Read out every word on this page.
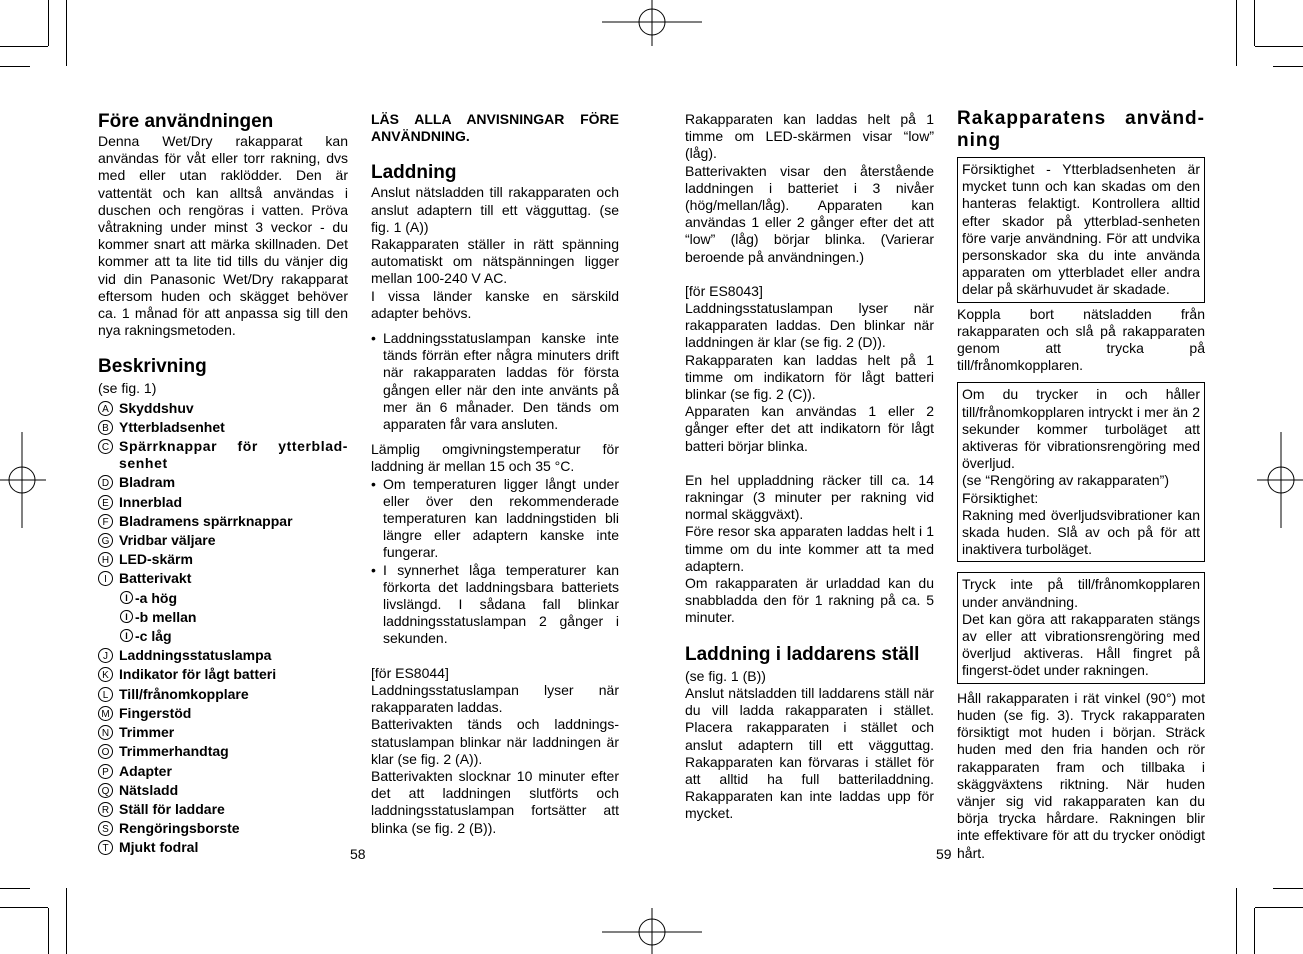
Före användningen

Denna Wet/Dry rakapparat kan användas för våt eller torr rakning, dvs med eller utan raklödder. Den är vattentät och kan alltså användas i duschen och rengöras i vatten. Pröva våtrakning under minst 3 veckor - du kommer snart att märka skillnaden. Det kommer att ta lite tid tills du vänjer dig vid din Panasonic Wet/Dry rakapparat eftersom huden och skägget behöver ca. 1 månad för att anpassa sig till den nya rakningsmetoden.

Beskrivning

(se fig. 1)

A Skyddshuv
B Ytterbladsenhet
C Spärrknappar för ytterblad-senhet
D Bladram
E Innerblad
F Bladramens spärrknappar
G Vridbar väljare
H LED-skärm
I Batterivakt
I -a hög
I -b mellan
I -c låg
J Laddningsstatuslampa
K Indikator för lågt batteri
L Till/frånomkopplare
M Fingerstöd
N Trimmer
O Trimmerhandtag
P Adapter
Q Nätsladd
R Ställ för laddare
S Rengöringsborste
T Mjukt fodral

LÄS ALLA ANVISNINGAR FÖRE ANVÄNDNING.

Laddning

Anslut nätsladden till rakapparaten och anslut adaptern till ett vägguttag. (se fig. 1 (A))

Rakapparaten ställer in rätt spänning automatiskt om nätspänningen ligger mellan 100-240 V AC.

I vissa länder kanske en särskild adapter behövs.

• Laddningsstatuslampan kanske inte tänds förrän efter några minuters drift när rakapparaten laddas för första gången eller när den inte använts på mer än 6 månader. Den tänds om apparaten får vara ansluten.

Lämplig omgivningstemperatur för laddning är mellan 15 och 35 °C.

• Om temperaturen ligger långt under eller över den rekommenderade temperaturen kan laddningstiden bli längre eller adaptern kanske inte fungerar.

• I synnerhet låga temperaturer kan förkorta det laddningsbara batteriets livslängd. I sådana fall blinkar laddningsstatuslampan 2 gånger i sekunden.

[för ES8044]

Laddningsstatuslampan lyser när rakapparaten laddas.

Batterivakten tänds och laddnings-statuslampan blinkar när laddningen är klar (se fig. 2 (A)).

Batterivakten slocknar 10 minuter efter det att laddningen slutförts och laddningsstatuslampan fortsätter att blinka (se fig. 2 (B)).

58

Rakapparaten kan laddas helt på 1 timme om LED-skärmen visar “low” (låg).

Batterivakten visar den återstående laddningen i batteriet i 3 nivåer (hög/mellan/låg). Apparaten kan användas 1 eller 2 gånger efter det att “low” (låg) börjar blinka. (Varierar beroende på användningen.)

[för ES8043]

Laddningsstatuslampan lyser när rakapparaten laddas. Den blinkar när laddningen är klar (se fig. 2 (D)).

Rakapparaten kan laddas helt på 1 timme om indikatorn för lågt batteri blinkar (se fig. 2 (C)).

Apparaten kan användas 1 eller 2 gånger efter det att indikatorn för lågt batteri börjar blinka.

En hel uppladdning räcker till ca. 14 rakningar (3 minuter per rakning vid normal skäggväxt).

Före resor ska apparaten laddas helt i 1 timme om du inte kommer att ta med adaptern.

Om rakapparaten är urladdad kan du snabbladda den för 1 rakning på ca. 5 minuter.

Laddning i laddarens ställ

(se fig. 1 (B))

Anslut nätsladden till laddarens ställ när du vill ladda rakapparaten i stället. Placera rakapparaten i stället och anslut adaptern till ett vägguttag. Rakapparaten kan förvaras i stället för att alltid ha full batteriladdning. Rakapparaten kan inte laddas upp för mycket.

59
Rakapparatens använd-ning

Försiktighet - Ytterbladsenheten är mycket tunn och kan skadas om den hanteras felaktigt. Kontrollera alltid efter skador på ytterblad-senheten före varje användning. För att undvika personskador ska du inte använda apparaten om ytterbladet eller andra delar på skärhuvudet är skadade.

Koppla bort nätsladden från rakapparaten och slå på rakapparaten genom att trycka på till/frånomkopplaren.

Om du trycker in och håller till/frånomkopplaren intryckt i mer än 2 sekunder kommer turboläget att aktiveras för vibrationsrengöring med överljud.

(se “Rengöring av rakapparaten”)

Försiktighet:

Rakning med överljudsvibrationer kan skada huden. Slå av och på för att inaktivera turboläget.

Tryck inte på till/frånomkopplaren under användning.

Det kan göra att rakapparaten stängs av eller att vibrationsrengöring med överljud aktiveras. Håll fingret på fingerst-ödet under rakningen.

Håll rakapparaten i rät vinkel (90°) mot huden (se fig. 3). Tryck rakapparaten försiktigt mot huden i början. Sträck huden med den fria handen och rör rakapparaten fram och tillbaka i skäggväxtens riktning. När huden vänjer sig vid rakapparaten kan du börja trycka hårdare. Rakningen blir inte effektivare för att du trycker onödigt hårt.
